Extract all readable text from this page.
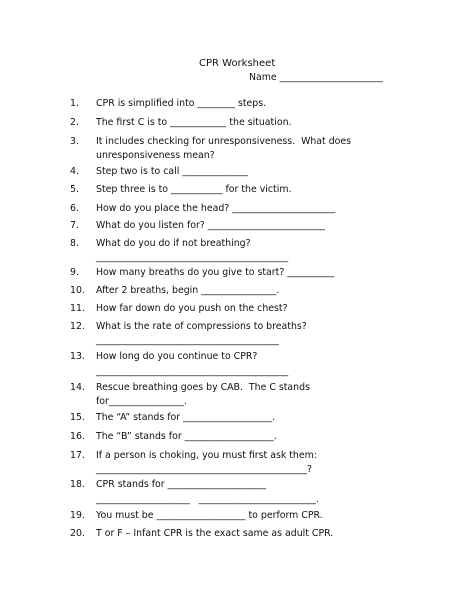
CPR Worksheet
Name ______________________
1.	CPR is simplified into ________ steps.
2.	The first C is to ____________ the situation.
3.	It includes checking for unresponsiveness.  What does
unresponsiveness mean?
4.	Step two is to call ______________
5.	Step three is to ___________ for the victim.
6.	How do you place the head? ______________________
7.	What do you listen for? _________________________
8.	What do you do if not breathing?
_________________________________________
9.	How many breaths do you give to start? __________
10.	After 2 breaths, begin ________________.
11.	How far down do you push on the chest?
12.	What is the rate of compressions to breaths?
_______________________________________
13.	How long do you continue to CPR?
_________________________________________
14.	Rescue breathing goes by CAB.  The C stands
for________________.
15.	The “A” stands for ___________________.
16.	The “B” stands for ___________________.
17.	If a person is choking, you must first ask them:
_____________________________________________?
18.	CPR stands for _____________________
____________________   _________________________.
19.	You must be ___________________ to perform CPR.
20.	T or F – Infant CPR is the exact same as adult CPR.
